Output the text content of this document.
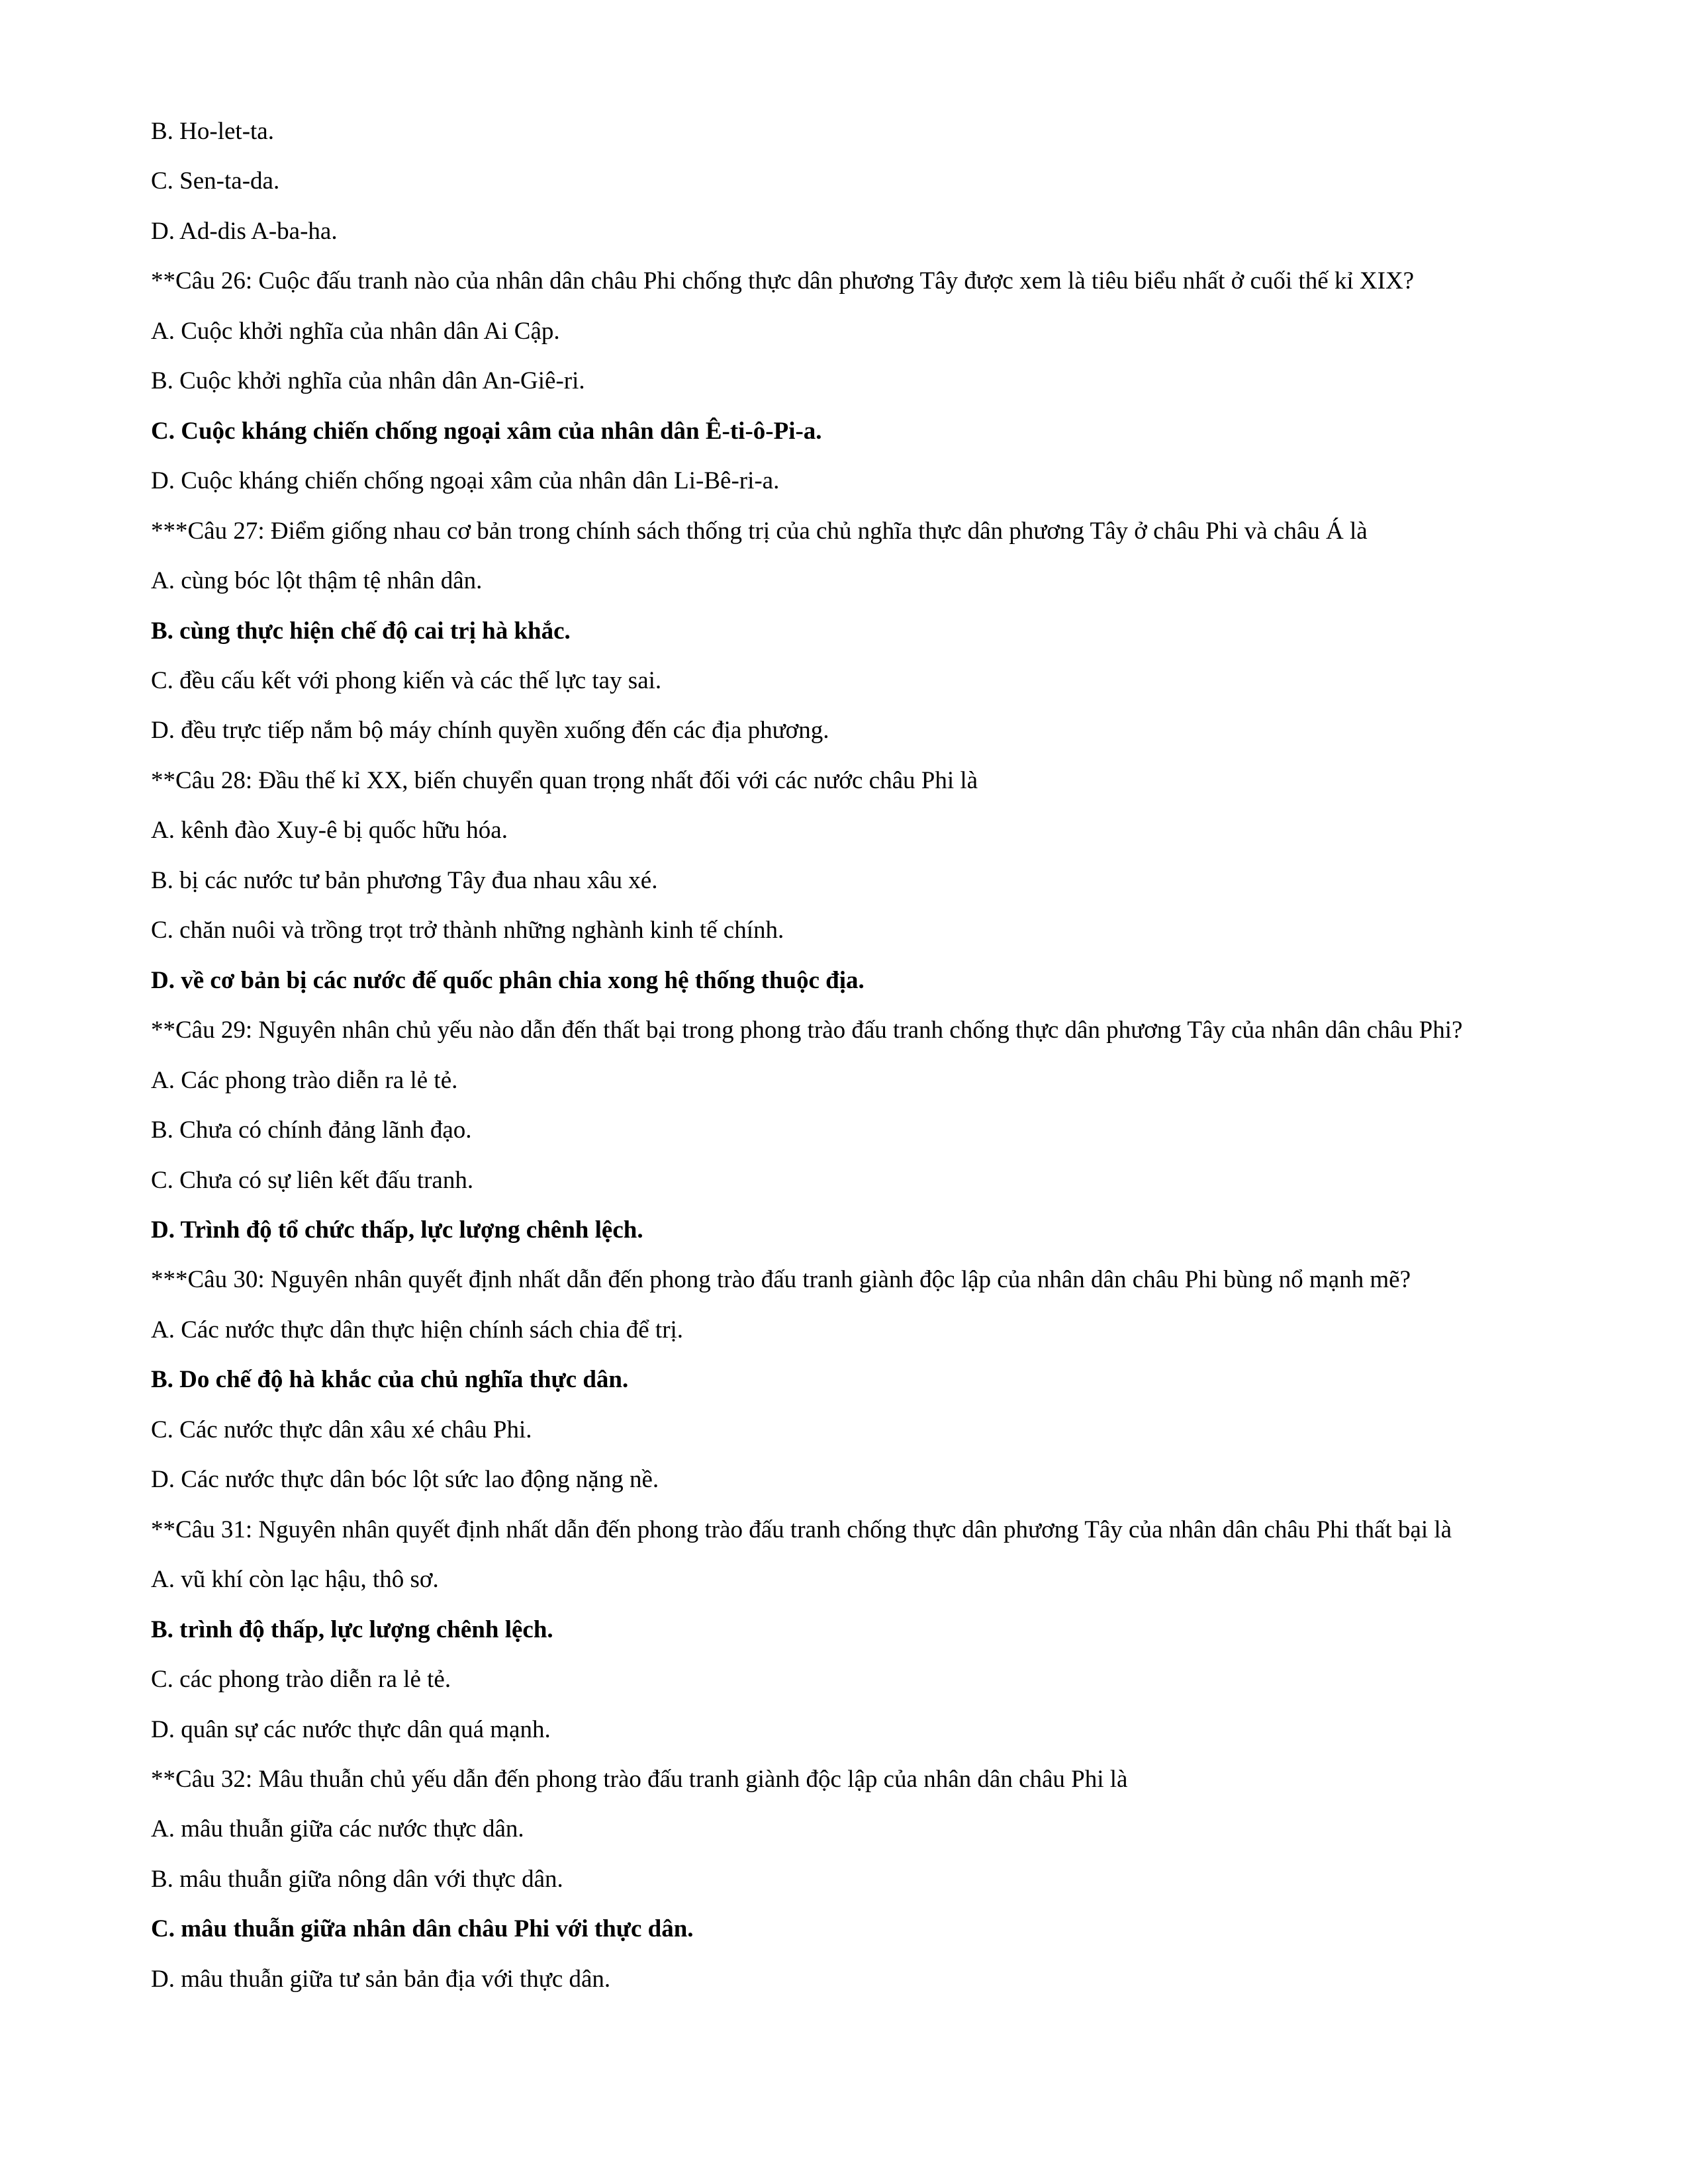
B. Ho-let-ta.

C. Sen-ta-da.

D. Ad-dis A-ba-ha.

**Câu 26: Cuộc đấu tranh nào của nhân dân châu Phi chống thực dân phương Tây được xem là tiêu biểu nhất ở cuối thế kỉ XIX?

A. Cuộc khởi nghĩa của nhân dân Ai Cập.

B. Cuộc khởi nghĩa của nhân dân An-Giê-ri.

C. Cuộc kháng chiến chống ngoại xâm của nhân dân Ê-ti-ô-Pi-a.

D. Cuộc kháng chiến chống ngoại xâm của nhân dân Li-Bê-ri-a.

***Câu 27: Điểm giống nhau cơ bản trong chính sách thống trị của chủ nghĩa thực dân phương Tây ở châu Phi và châu Á là

A. cùng bóc lột thậm tệ nhân dân.

B. cùng thực hiện chế độ cai trị hà khắc.

C. đều cấu kết với phong kiến và các thế lực tay sai.

D. đều trực tiếp nắm bộ máy chính quyền xuống đến các địa phương.

**Câu 28: Đầu thế kỉ XX, biến chuyển quan trọng nhất đối với các nước châu Phi là

A. kênh đào Xuy-ê bị quốc hữu hóa.

B. bị các nước tư bản phương Tây đua nhau xâu xé.

C. chăn nuôi và trồng trọt trở thành những nghành kinh tế chính.

D. về cơ bản bị các nước đế quốc phân chia xong hệ thống thuộc địa.

**Câu 29: Nguyên nhân chủ yếu nào dẫn đến thất bại trong phong trào đấu tranh chống thực dân phương Tây của nhân dân châu Phi?

A. Các phong trào diễn ra lẻ tẻ.

B. Chưa có chính đảng lãnh đạo.

C. Chưa có sự liên kết đấu tranh.

D. Trình độ tổ chức thấp, lực lượng chênh lệch.

***Câu 30: Nguyên nhân quyết định nhất dẫn đến phong trào đấu tranh giành độc lập của nhân dân châu Phi bùng nổ mạnh mẽ?

A. Các nước thực dân thực hiện chính sách chia để trị.

B. Do chế độ hà khắc của chủ nghĩa thực dân.

C. Các nước thực dân xâu xé châu Phi.

D. Các nước thực dân bóc lột sức lao động nặng nề.

**Câu 31: Nguyên nhân quyết định nhất dẫn đến phong trào đấu tranh chống thực dân phương Tây của nhân dân châu Phi thất bại là

A. vũ khí còn lạc hậu, thô sơ.

B. trình độ thấp, lực lượng chênh lệch.

C. các phong trào diễn ra lẻ tẻ.

D. quân sự các nước thực dân quá mạnh.

**Câu 32: Mâu thuẫn chủ yếu dẫn đến phong trào đấu tranh giành độc lập của nhân dân châu Phi là

A. mâu thuẫn giữa các nước thực dân.

B. mâu thuẫn giữa nông dân với thực dân.

C. mâu thuẫn giữa nhân dân châu Phi với thực dân.

D. mâu thuẫn giữa tư sản bản địa với thực dân.
